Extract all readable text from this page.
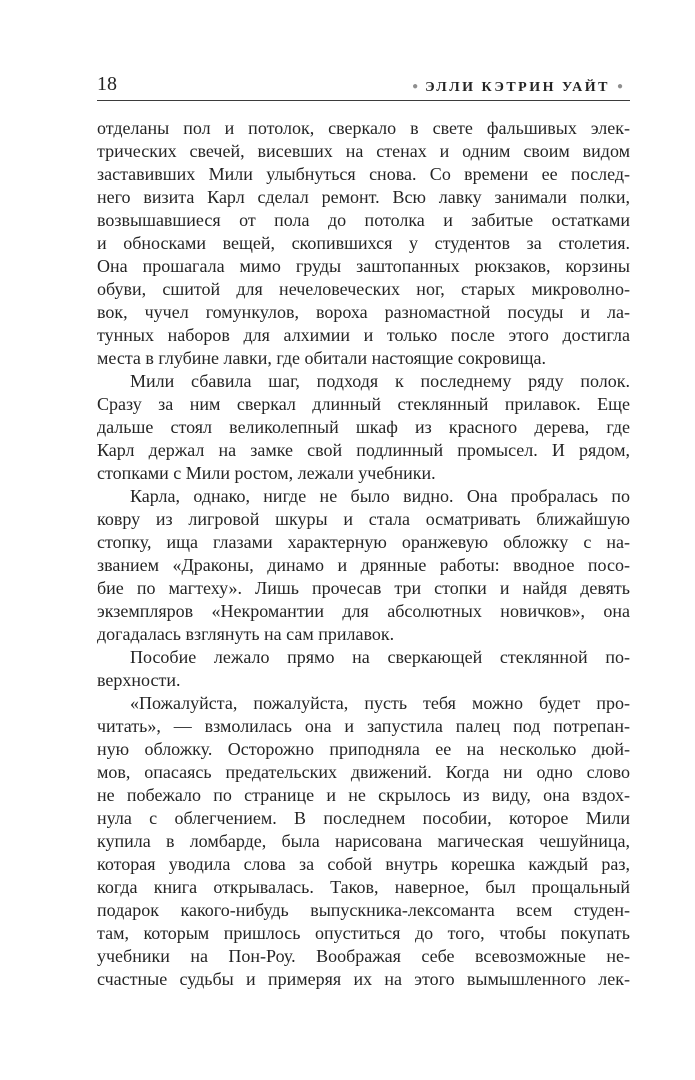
18	● ЭЛЛИ КЭТРИН УАЙТ ●
отделаны пол и потолок, сверкало в свете фальшивых элек-
трических свечей, висевших на стенах и одним своим видом
заставивших Мили улыбнуться снова. Со времени ее послед-
него визита Карл сделал ремонт. Всю лавку занимали полки,
возвышавшиеся от пола до потолка и забитые остатками
и обносками вещей, скопившихся у студентов за столетия.
Она прошагала мимо груды заштопанных рюкзаков, корзины
обуви, сшитой для нечеловеческих ног, старых микроволно-
вок, чучел гомункулов, вороха разномастной посуды и ла-
тунных наборов для алхимии и только после этого достигла
места в глубине лавки, где обитали настоящие сокровища.
Мили сбавила шаг, подходя к последнему ряду полок.
Сразу за ним сверкал длинный стеклянный прилавок. Еще
дальше стоял великолепный шкаф из красного дерева, где
Карл держал на замке свой подлинный промысел. И рядом,
стопками с Мили ростом, лежали учебники.
Карла, однако, нигде не было видно. Она пробралась по
ковру из лигровой шкуры и стала осматривать ближайшую
стопку, ища глазами характерную оранжевую обложку с на-
званием «Драконы, динамо и дрянные работы: вводное посо-
бие по магтеху». Лишь прочесав три стопки и найдя девять
экземпляров «Некромантии для абсолютных новичков», она
догадалась взглянуть на сам прилавок.
Пособие лежало прямо на сверкающей стеклянной по-
верхности.
«Пожалуйста, пожалуйста, пусть тебя можно будет про-
читать», — взмолилась она и запустила палец под потрепан-
ную обложку. Осторожно приподняла ее на несколько дюй-
мов, опасаясь предательских движений. Когда ни одно слово
не побежало по странице и не скрылось из виду, она вздох-
нула с облегчением. В последнем пособии, которое Мили
купила в ломбарде, была нарисована магическая чешуйница,
которая уводила слова за собой внутрь корешка каждый раз,
когда книга открывалась. Таков, наверное, был прощальный
подарок какого-нибудь выпускника-лексоманта всем студен-
там, которым пришлось опуститься до того, чтобы покупать
учебники на Пон-Роу. Воображая себе всевозможные не-
счастные судьбы и примеряя их на этого вымышленного лек-
